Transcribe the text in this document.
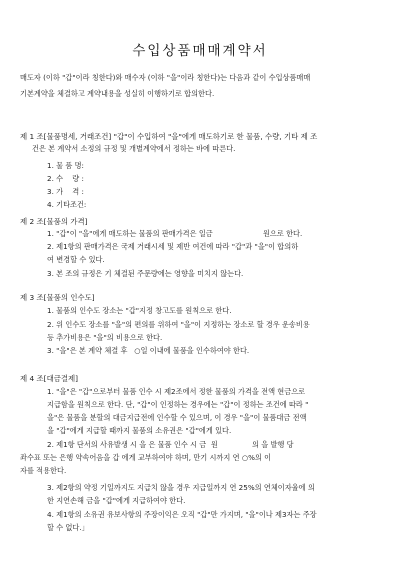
수입상품매매계약서
매도자 (이하 "갑"이라 칭한다)와 매수자 (이하 "을"이라 칭한다)는 다음과 같이 수입상품매매
기본계약을 체결하고 계약내용을 성실히 이행하기로 합의한다.
제 1 조[물품명세, 거래조건] "갑"이 수입하여 "을"에게 매도하기로 한 물품, 수량, 기타 제 조
건은 본 계약서 소정의 규정 및 개별계약에서 정하는 바에 따른다.
1. 물 품 명:
2. 수    량 :
3. 가    격 :
4. 기타조건:
제 2 조[물품의 가격]
1. "갑"이 "을"에게 매도하는 물품의 판매가격은 일금                      원으로 한다.
2. 제1항의 판매가격은 국제 거래시세 및 제반 여건에 따라 "갑"과 "을"이 합의하
여 변경할 수 있다.
3. 본 조의 규정은 기 체결된 주문량에는 영향을 미치지 않는다.
제 3 조[물품의 인수도]
1. 물품의 인수도 장소는 "갑"지정 창고도를 원칙으로 한다.
2. 위 인수도 장소를 "을"의 편의를 위하여 "을"이 지정하는 장소로 할 경우 운송비용
등 추가비용은 "을"의 비용으로 한다.
3. "을"은 본 계약 체결 후   ○일 이내에 물품을 인수하여야 한다.
제 4 조[대금결제]
1. "을"은 "갑"으로부터 물품 인수 시 제2조에서 정한 물품의 가격을 전액 현금으로
지급함을 원칙으로 한다. 단, "갑"이 인정하는 경우에는 "갑"이 정하는 조건에 따라 "
을"은 물품을 분할의 대금지급전에 인수할 수 있으며, 이 경우 "을"이 물품대금 전액
을 "갑"에게 지급할 때까지 물품의 소유권은 "갑"에게 있다.
2. 제1항 단서의 사유발생 시 을 은 물품 인수 시 금  원               의 을 발행 당
좌수표 또는 은행 약속어음을 갑 에게 교부하여야 하며, 만기 시까지 연 ○%의 이
자를 적용한다.
3. 제2항의 약정 기일까지도 지급치 않을 경우 지급일까지 연 25%의 연체이자율에 의
한 지연손해 금을 "갑"에게 지급하여야 한다.
4. 제1항의 소유권 유보사항의 주장이익은 오직 "갑"만 가지며, "을"이나 제3자는 주장
할 수 없다.」
